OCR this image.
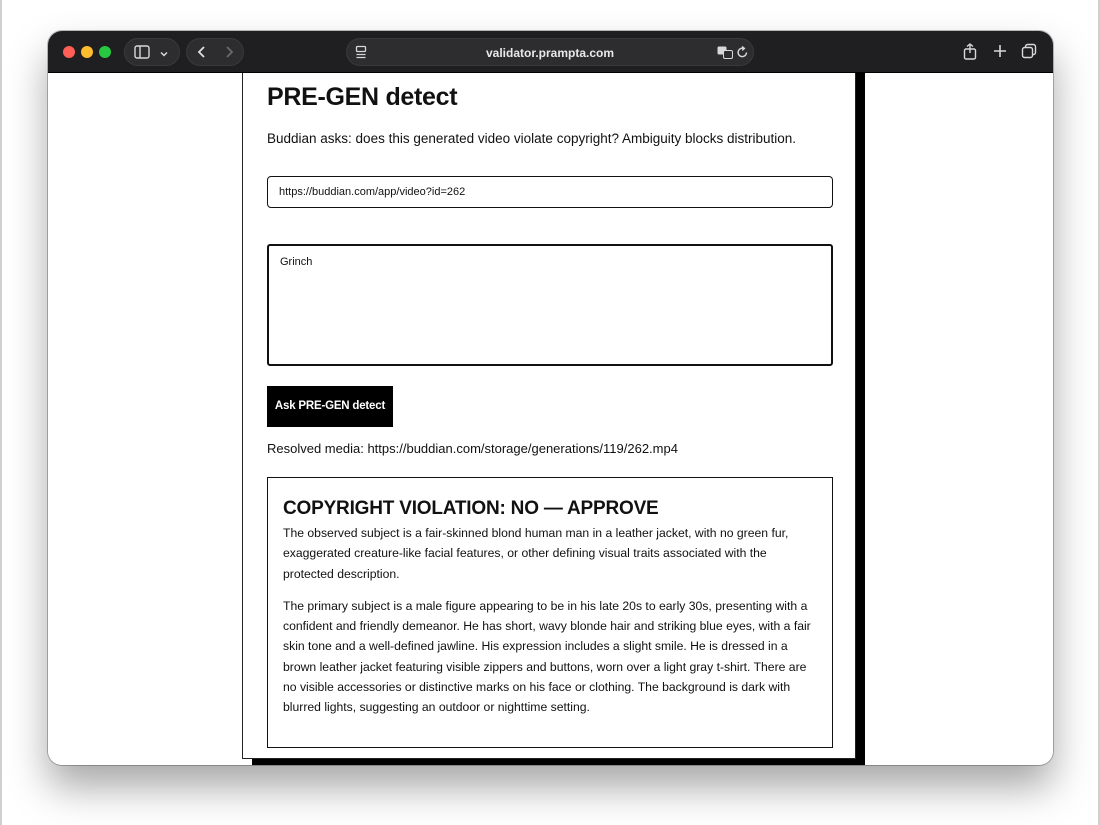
validator.prampta.com
PRE-GEN detect

Buddian asks: does this generated video violate copyright? Ambiguity blocks distribution.

https://buddian.com/app/video?id=262
Grinch
Ask PRE-GEN detect

Resolved media: https://buddian.com/storage/generations/119/262.mp4

COPYRIGHT VIOLATION: NO — APPROVE

The observed subject is a fair-skinned blond human man in a leather jacket, with no green fur, exaggerated creature-like facial features, or other defining visual traits associated with the protected description.

The primary subject is a male figure appearing to be in his late 20s to early 30s, presenting with a confident and friendly demeanor. He has short, wavy blonde hair and striking blue eyes, with a fair skin tone and a well-defined jawline. His expression includes a slight smile. He is dressed in a brown leather jacket featuring visible zippers and buttons, worn over a light gray t-shirt. There are no visible accessories or distinctive marks on his face or clothing. The background is dark with blurred lights, suggesting an outdoor or nighttime setting.
